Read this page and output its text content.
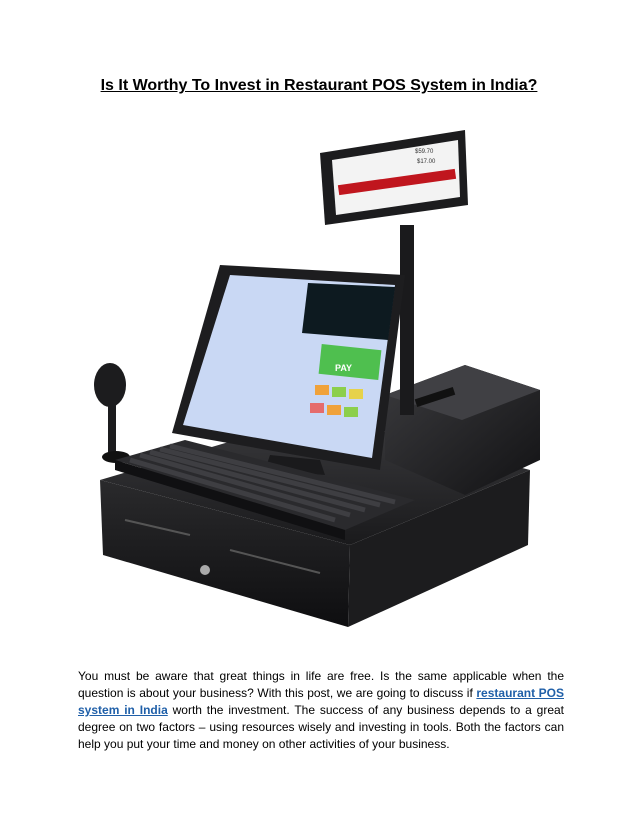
Is It Worthy To Invest in Restaurant POS System in India?
$59.70
$17.00
PAY

You must be aware that great things in life are free. Is the same applicable when the question is about your business? With this post, we are going to discuss if restaurant POS system in India worth the investment. The success of any business depends to a great degree on two factors – using resources wisely and investing in tools. Both the factors can help you put your time and money on other activities of your business.
